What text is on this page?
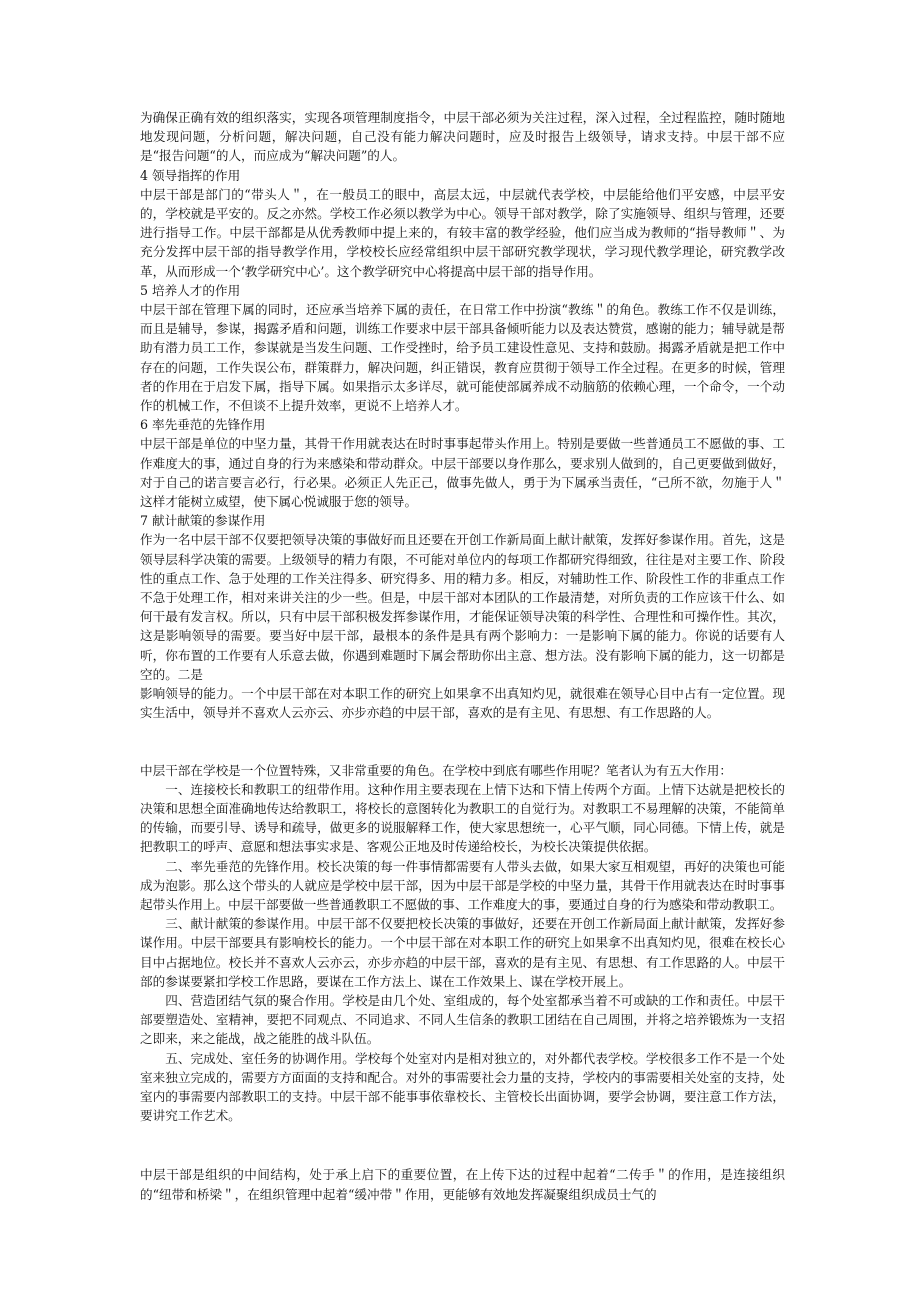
为确保正确有效的组织落实，实现各项管理制度指令，中层干部必须为关注过程，深入过程，全过程监控，随时随地地发现问题，分析问题，解决问题，自己没有能力解决问题时，应及时报告上级领导，请求支持。中层干部不应是“报告问题“的人，而应成为“解决问题”的人。

4 领导指挥的作用

中层干部是部门的“带头人＂，在一般员工的眼中，高层太远，中层就代表学校，中层能给他们平安感，中层平安的，学校就是平安的。反之亦然。学校工作必须以教学为中心。领导干部对教学，除了实施领导、组织与管理，还要进行指导工作。中层干部都是从优秀教师中提上来的，有较丰富的教学经验，他们应当成为教师的“指导教师＂、为充分发挥中层干部的指导教学作用，学校校长应经常组织中层干部研究教学现状，学习现代教学理论，研究教学改革，从而形成一个‘教学研究中心’。这个教学研究中心将提高中层干部的指导作用。

5 培养人才的作用

中层干部在管理下属的同时，还应承当培养下属的责任，在日常工作中扮演“教练＂的角色。教练工作不仅是训练，而且是辅导，参谋，揭露矛盾和问题，训练工作要求中层干部具备倾听能力以及表达赞赏，感谢的能力；辅导就是帮助有潜力员工工作，参谋就是当发生问题、工作受挫时，给予员工建设性意见、支持和鼓励。揭露矛盾就是把工作中存在的问题，工作失误公布，群策群力，解决问题，纠正错误，教育应贯彻于领导工作全过程。在更多的时候，管理者的作用在于启发下属，指导下属。如果指示太多详尽，就可能使部属养成不动脑筋的依赖心理，一个命令，一个动作的机械工作，不但谈不上提升效率，更说不上培养人才。

6 率先垂范的先锋作用

中层干部是单位的中坚力量，其骨干作用就表达在时时事事起带头作用上。特别是要做一些普通员工不愿做的事、工作难度大的事，通过自身的行为来感染和带动群众。中层干部要以身作那么，要求别人做到的，自己更要做到做好，对于自己的诺言要言必行，行必果。必须正人先正己，做事先做人，勇于为下属承当责任，“己所不欲，勿施于人＂这样才能树立威望，使下属心悦诚服于您的领导。

7 献计献策的参谋作用

作为一名中层干部不仅要把领导决策的事做好而且还要在开创工作新局面上献计献策，发挥好参谋作用。首先，这是领导层科学决策的需要。上级领导的精力有限，不可能对单位内的每项工作都研究得细致，往往是对主要工作、阶段性的重点工作、急于处理的工作关注得多、研究得多、用的精力多。相反，对辅助性工作、阶段性工作的非重点工作不急于处理工作，相对来讲关注的少一些。但是，中层干部对本团队的工作最清楚，对所负责的工作应该干什么、如何干最有发言权。所以，只有中层干部积极发挥参谋作用，才能保证领导决策的科学性、合理性和可操作性。其次，这是影响领导的需要。要当好中层干部，最根本的条件是具有两个影响力：一是影响下属的能力。你说的话要有人听，你布置的工作要有人乐意去做，你遇到难题时下属会帮助你出主意、想方法。没有影响下属的能力，这一切都是空的。二是

影响领导的能力。一个中层干部在对本职工作的研究上如果拿不出真知灼见，就很难在领导心目中占有一定位置。现实生活中，领导并不喜欢人云亦云、亦步亦趋的中层干部，喜欢的是有主见、有思想、有工作思路的人。

中层干部在学校是一个位置特殊，又非常重要的角色。在学校中到底有哪些作用呢？笔者认为有五大作用：

一、连接校长和教职工的纽带作用。这种作用主要表现在上情下达和下情上传两个方面。上情下达就是把校长的决策和思想全面准确地传达给教职工，将校长的意图转化为教职工的自觉行为。对教职工不易理解的决策，不能简单的传输，而要引导、诱导和疏导，做更多的说服解释工作，使大家思想统一，心平气顺，同心同德。下情上传，就是把教职工的呼声、意愿和想法事实求是、客观公正地及时传递给校长，为校长决策提供依据。

二、率先垂范的先锋作用。校长决策的每一件事情都需要有人带头去做，如果大家互相观望，再好的决策也可能成为泡影。那么这个带头的人就应是学校中层干部，因为中层干部是学校的中坚力量，其骨干作用就表达在时时事事起带头作用上。中层干部要做一些普通教职工不愿做的事、工作难度大的事，要通过自身的行为感染和带动教职工。

三、献计献策的参谋作用。中层干部不仅要把校长决策的事做好，还要在开创工作新局面上献计献策，发挥好参谋作用。中层干部要具有影响校长的能力。一个中层干部在对本职工作的研究上如果拿不出真知灼见，很难在校长心目中占据地位。校长并不喜欢人云亦云，亦步亦趋的中层干部，喜欢的是有主见、有思想、有工作思路的人。中层干部的参谋要紧扣学校工作思路，要谋在工作方法上、谋在工作效果上、谋在学校开展上。

四、营造团结气氛的聚合作用。学校是由几个处、室组成的，每个处室都承当着不可或缺的工作和责任。中层干部要塑造处、室精神，要把不同观点、不同追求、不同人生信条的教职工团结在自己周围，并将之培养锻炼为一支招之即来，来之能战，战之能胜的战斗队伍。

五、完成处、室任务的协调作用。学校每个处室对内是相对独立的，对外都代表学校。学校很多工作不是一个处室来独立完成的，需要方方面面的支持和配合。对外的事需要社会力量的支持，学校内的事需要相关处室的支持，处室内的事需要内部教职工的支持。中层干部不能事事依靠校长、主管校长出面协调，要学会协调，要注意工作方法，要讲究工作艺术。

中层干部是组织的中间结构，处于承上启下的重要位置，在上传下达的过程中起着“二传手＂的作用，是连接组织的“纽带和桥梁＂，在组织管理中起着“缓冲带＂作用，更能够有效地发挥凝聚组织成员士气的
